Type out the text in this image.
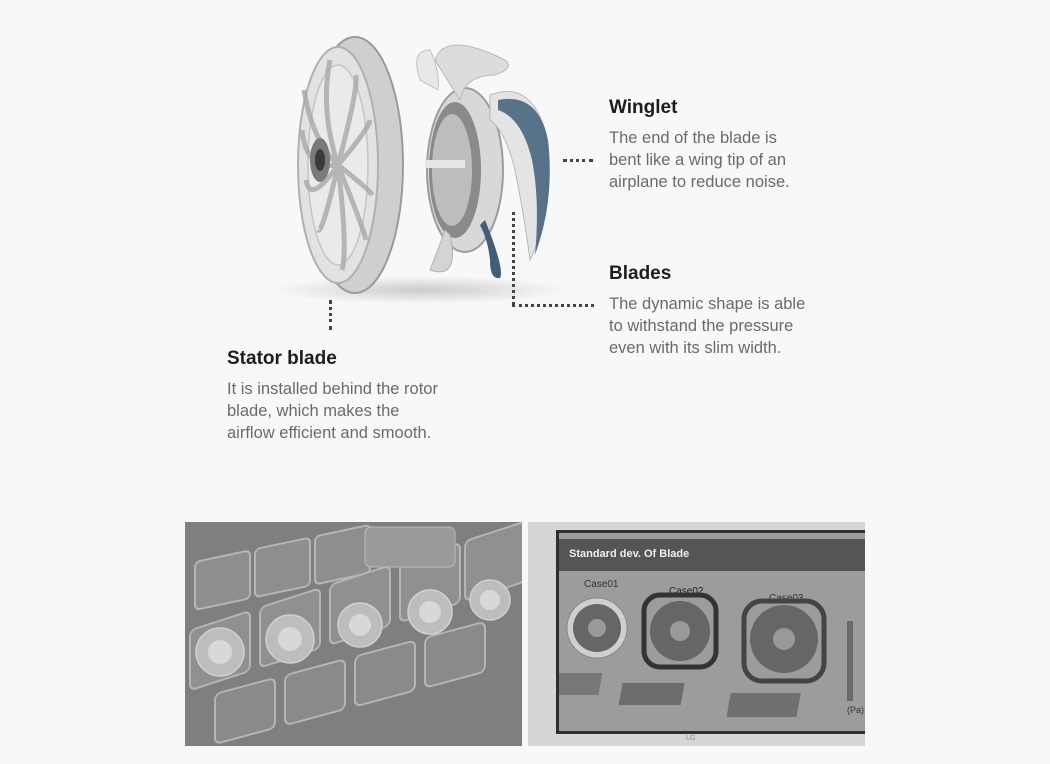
Winglet

The end of the blade is

bent like a wing tip of an

airplane to reduce noise.

Blades

The dynamic shape is able

to withstand the pressure

even with its slim width.

Stator blade

It is installed behind the rotor

blade, which makes the

airflow efficient and smooth.

Standard dev. Of Blade
Case01
Case02
Case03
(Pa)
LG
